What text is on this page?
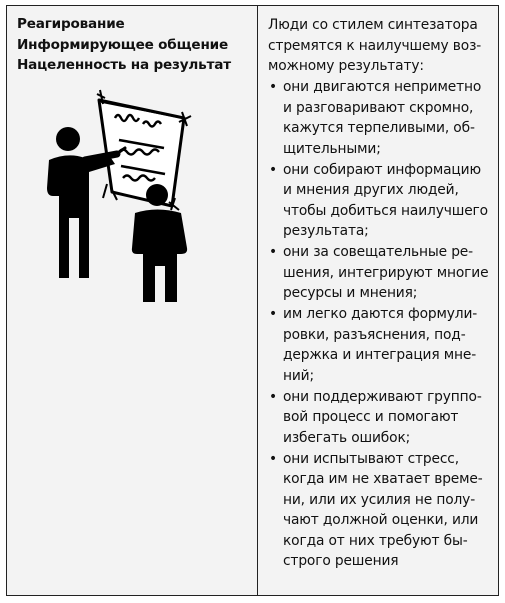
Реагирование
Информирующее общение
Нацеленность на результат
Люди со стилем синтезатора
стремятся к наилучшему воз-
можному результату:
• они двигаются неприметно
и разговаривают скромно,
кажутся терпеливыми, об-
щительными;
• они собирают информацию
и мнения других людей,
чтобы добиться наилучшего
результата;
• они за совещательные ре-
шения, интегрируют многие
ресурсы и мнения;
• им легко даются формули-
ровки, разъяснения, под-
держка и интеграция мне-
ний;
• они поддерживают группо-
вой процесс и помогают
избегать ошибок;
• они испытывают стресс,
когда им не хватает време-
ни, или их усилия не полу-
чают должной оценки, или
когда от них требуют бы-
строго решения
